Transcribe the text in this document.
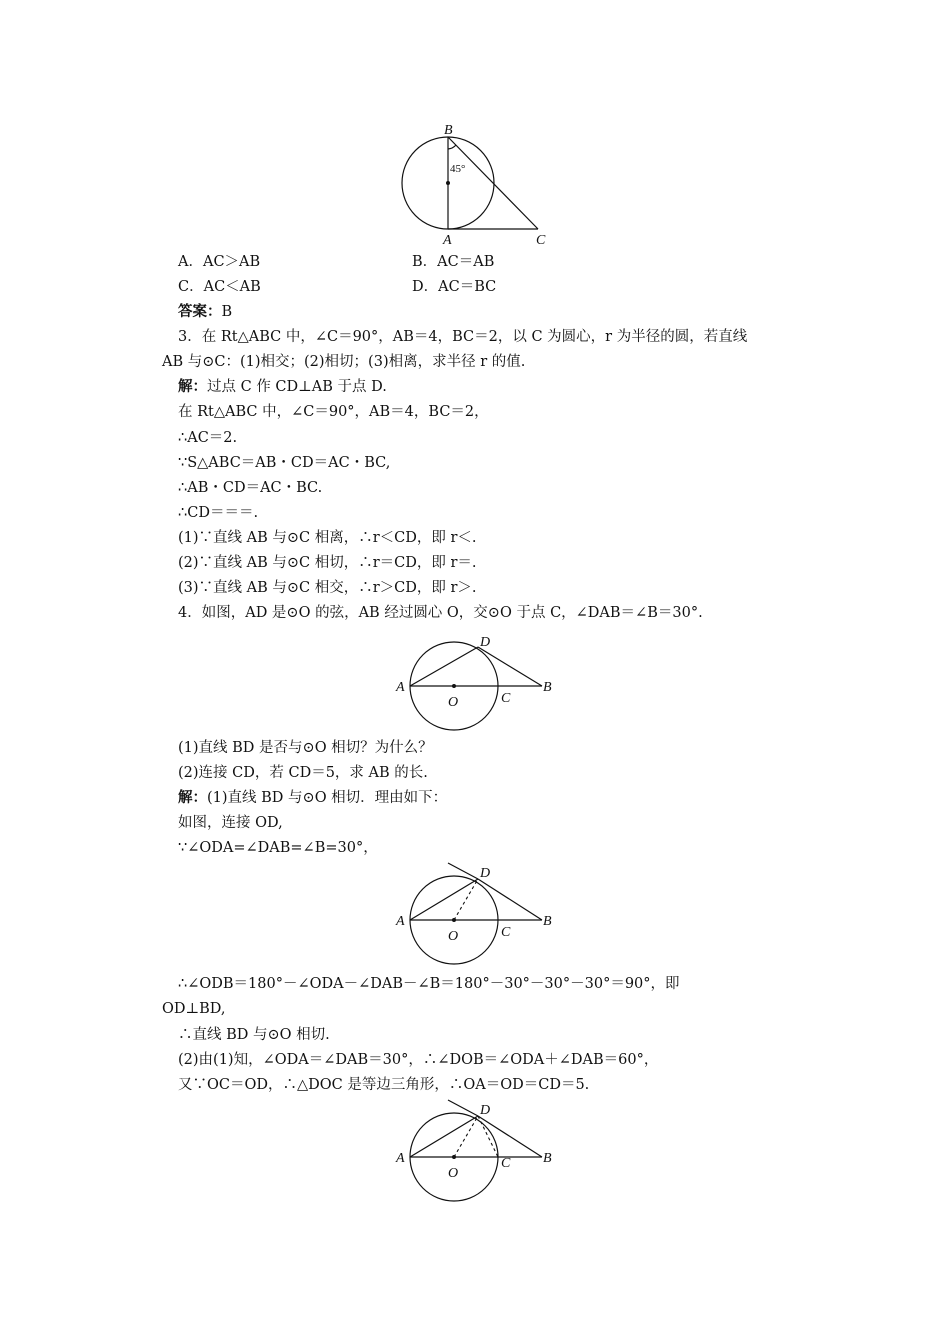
B
A	C
45°
A．AC＞AB	B．AC＝AB
C．AC＜AB	D．AC＝BC
答案：B
3．在 Rt△ABC 中，∠C＝90°，AB＝4，BC＝2，以 C 为圆心，r 为半径的圆，若直线
AB 与⊙C：(1)相交；(2)相切；(3)相离，求半径 r 的值.
解：过点 C 作 CD⊥AB 于点 D.
在 Rt△ABC 中，∠C＝90°，AB＝4，BC＝2，
∴AC＝2.
∵S△ABC＝AB・CD＝AC・BC,
∴AB・CD＝AC・BC.
∴CD＝＝＝.
(1)∵直线 AB 与⊙C 相离，∴r＜CD，即 r＜.
(2)∵直线 AB 与⊙C 相切，∴r＝CD，即 r＝.
(3)∵直线 AB 与⊙C 相交，∴r＞CD，即 r＞.
4．如图，AD 是⊙O 的弦，AB 经过圆心 O，交⊙O 于点 C，∠DAB＝∠B＝30°.
A
O	C
B
D
(1)直线 BD 是否与⊙O 相切？为什么？
(2)连接 CD，若 CD＝5，求 AB 的长.
解：(1)直线 BD 与⊙O 相切．理由如下：
如图，连接 OD,
∵∠ODA=∠DAB=∠B=30°，
A
O	C
B
D
∴∠ODB＝180°－∠ODA－∠DAB－∠B＝180°－30°－30°－30°＝90°，即
OD⊥BD,
∴直线 BD 与⊙O 相切.
(2)由(1)知，∠ODA＝∠DAB＝30°，∴∠DOB＝∠ODA＋∠DAB＝60°，
又∵OC＝OD，∴△DOC 是等边三角形，∴OA＝OD＝CD＝5.
A
O
C B
D
